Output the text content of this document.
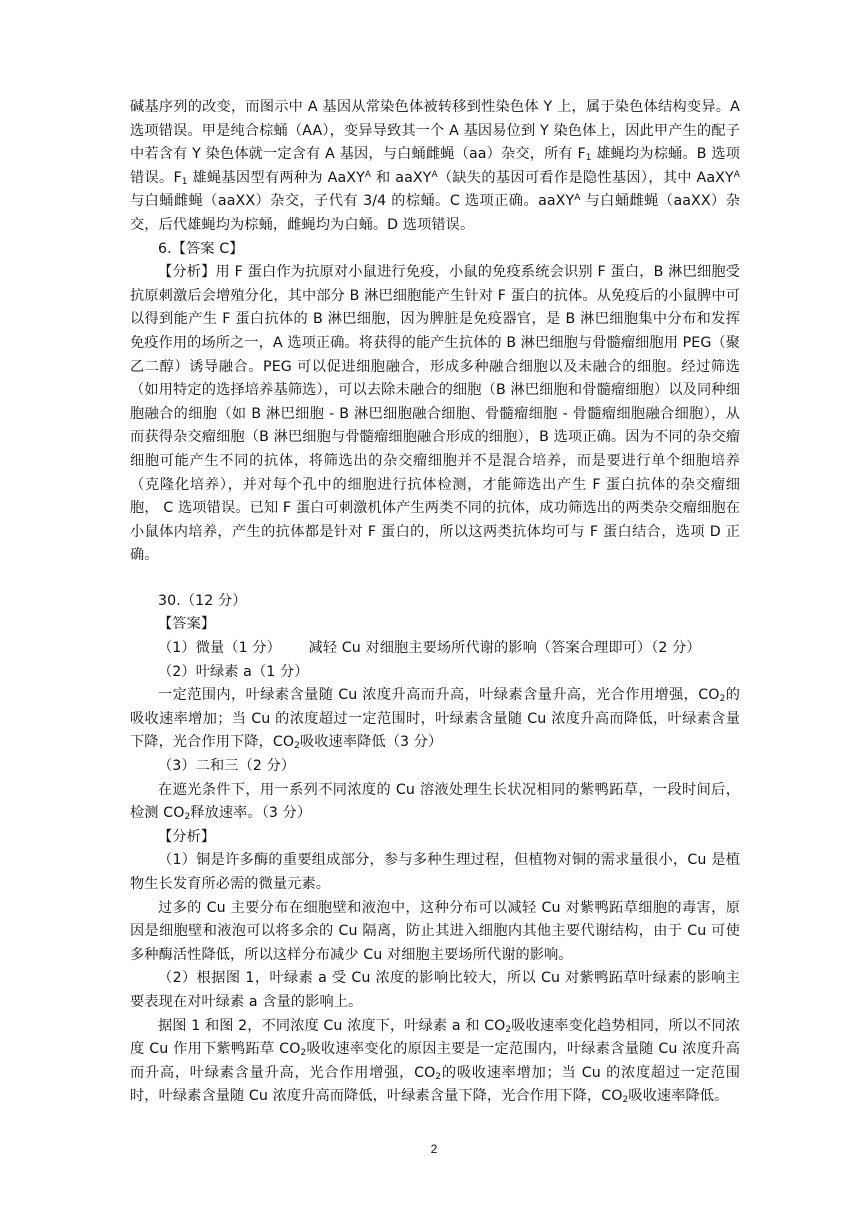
碱基序列的改变，而图示中 A 基因从常染色体被转移到性染色体 Y 上，属于染色体结构变异。A 选项错误。甲是纯合棕蛹（AA），变异导致其一个 A 基因易位到 Y 染色体上，因此甲产生的配子中若含有 Y 染色体就一定含有 A 基因，与白蛹雌蝇（aa）杂交，所有 $F_1$ 雄蝇均为棕蛹。B 选项错误。$F_1$ 雄蝇基因型有两种为 AaXY$^A$ 和 aaXY$^A$（缺失的基因可看作是隐性基因），其中 AaXY$^A$ 与白蛹雌蝇（aaXX）杂交，子代有 3/4 的棕蛹。C 选项正确。aaXY$^A$ 与白蛹雌蝇（aaXX）杂交，后代雄蝇均为棕蛹，雌蝇均为白蛹。D 选项错误。

6.【答案 C】

【分析】用 F 蛋白作为抗原对小鼠进行免疫，小鼠的免疫系统会识别 F 蛋白，B 淋巴细胞受抗原刺激后会增殖分化，其中部分 B 淋巴细胞能产生针对 F 蛋白的抗体。从免疫后的小鼠脾中可以得到能产生 F 蛋白抗体的 B 淋巴细胞，因为脾脏是免疫器官，是 B 淋巴细胞集中分布和发挥免疫作用的场所之一，A 选项正确。将获得的能产生抗体的 B 淋巴细胞与骨髓瘤细胞用 PEG（聚乙二醇）诱导融合。PEG 可以促进细胞融合，形成多种融合细胞以及未融合的细胞。经过筛选（如用特定的选择培养基筛选），可以去除未融合的细胞（B 淋巴细胞和骨髓瘤细胞）以及同种细胞融合的细胞（如 B 淋巴细胞 - B 淋巴细胞融合细胞、骨髓瘤细胞 - 骨髓瘤细胞融合细胞），从而获得杂交瘤细胞（B 淋巴细胞与骨髓瘤细胞融合形成的细胞），B 选项正确。因为不同的杂交瘤细胞可能产生不同的抗体，将筛选出的杂交瘤细胞并不是混合培养，而是要进行单个细胞培养（克隆化培养），并对每个孔中的细胞进行抗体检测，才能筛选出产生 F 蛋白抗体的杂交瘤细胞， C 选项错误。已知 F 蛋白可刺激机体产生两类不同的抗体，成功筛选出的两类杂交瘤细胞在小鼠体内培养，产生的抗体都是针对 F 蛋白的，所以这两类抗体均可与 F 蛋白结合，选项 D 正确。

30.（12 分）

【答案】

（1）微量（1 分）      减轻 Cu 对细胞主要场所代谢的影响（答案合理即可）（2 分）

（2）叶绿素 a（1 分）

一定范围内，叶绿素含量随 Cu 浓度升高而升高，叶绿素含量升高，光合作用增强，$CO_2$的吸收速率增加；当 Cu 的浓度超过一定范围时，叶绿素含量随 Cu 浓度升高而降低，叶绿素含量下降，光合作用下降，$CO_2$吸收速率降低（3 分）

（3）二和三（2 分）

在遮光条件下，用一系列不同浓度的 Cu 溶液处理生长状况相同的紫鸭跖草，一段时间后，检测 $CO_2$释放速率。（3 分）

【分析】

（1）铜是许多酶的重要组成部分，参与多种生理过程，但植物对铜的需求量很小，Cu 是植物生长发育所必需的微量元素。

过多的 Cu 主要分布在细胞壁和液泡中，这种分布可以减轻 Cu 对紫鸭跖草细胞的毒害，原因是细胞壁和液泡可以将多余的 Cu 隔离，防止其进入细胞内其他主要代谢结构，由于 Cu 可使多种酶活性降低，所以这样分布减少 Cu 对细胞主要场所代谢的影响。

（2）根据图 1，叶绿素 a 受 Cu 浓度的影响比较大，所以 Cu 对紫鸭跖草叶绿素的影响主要表现在对叶绿素 a 含量的影响上。

据图 1 和图 2，不同浓度 Cu 浓度下，叶绿素 a 和 $CO_2$吸收速率变化趋势相同，所以不同浓度 Cu 作用下紫鸭跖草 $CO_2$吸收速率变化的原因主要是一定范围内，叶绿素含量随 Cu 浓度升高而升高，叶绿素含量升高，光合作用增强，$CO_2$的吸收速率增加；当 Cu 的浓度超过一定范围时，叶绿素含量随 Cu 浓度升高而降低，叶绿素含量下降，光合作用下降，$CO_2$吸收速率降低。

2
